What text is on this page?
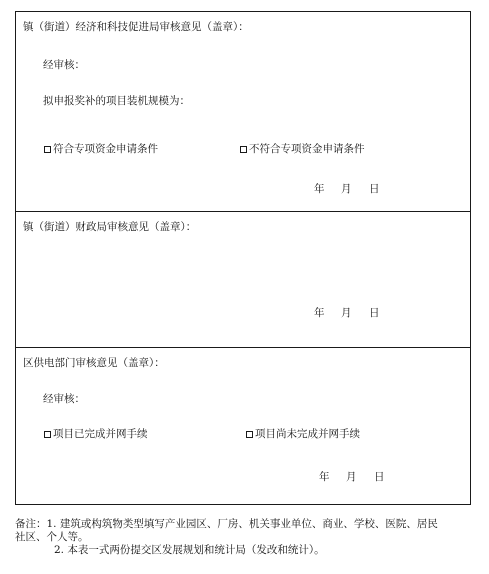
镇（街道）经济和科技促进局审核意见（盖章）：
经审核：
拟申报奖补的项目装机规模为：
符合专项资金申请条件	不符合专项资金申请条件
年	月	日
镇（街道）财政局审核意见（盖章）：
年	月	日
区供电部门审核意见（盖章）：
经审核：
项目已完成并网手续	项目尚未完成并网手续
年	月	日
备注：1. 建筑或构筑物类型填写产业园区、厂房、机关事业单位、商业、学校、医院、居民
社区、个人等。
2. 本表一式两份提交区发展规划和统计局（发改和统计）。
